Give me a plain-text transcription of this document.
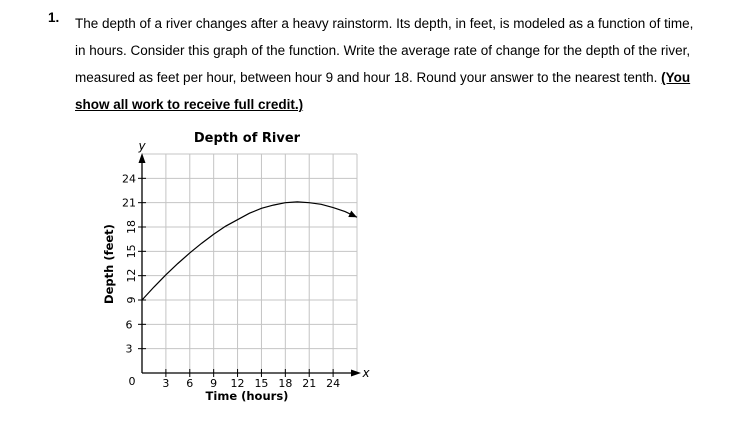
1. The depth of a river changes after a heavy rainstorm. Its depth, in feet, is modeled as a function of time, in hours. Consider this graph of the function. Write the average rate of change for the depth of the river, measured as feet per hour, between hour 9 and hour 18. Round your answer to the nearest tenth. (You show all work to receive full credit.)
3 6 9 12 15 18 21 24
3
6
9
12
15
18
21
24
Depth of River
Time (hours)
Depth (feet)
y
x
0
